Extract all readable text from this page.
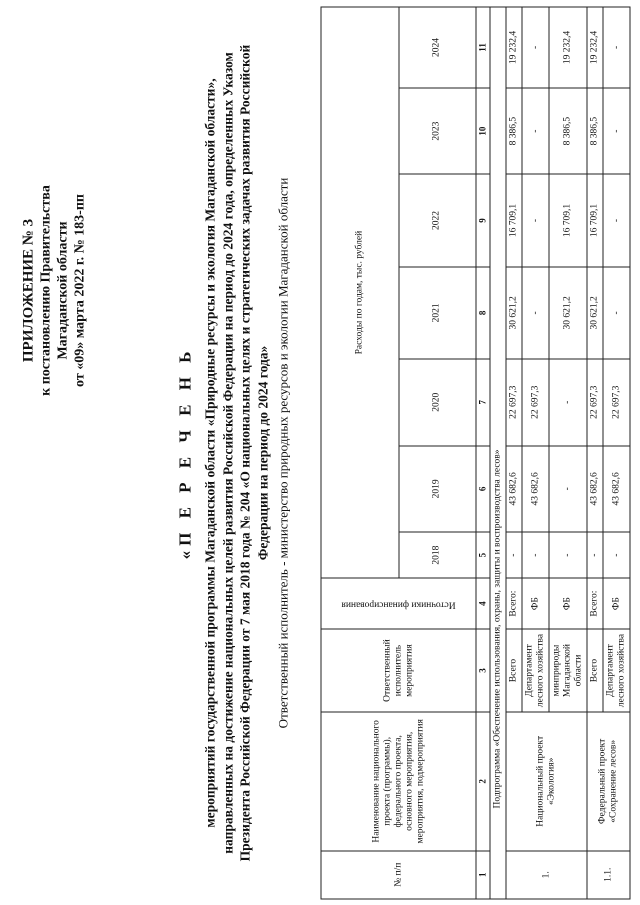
ПРИЛОЖЕНИЕ № 3 к постановлению Правительства Магаданской области от «09» марта 2022 г. № 183-пп
«П Е Р Е Ч Е Н Ь мероприятий государственной программы Магаданской области «Природные ресурсы и экология Магаданской области», направленных на достижение национальных целей развития Российской Федерации на период до 2024 года, определенных Указом Президента Российской Федерации от 7 мая 2018 года № 204 «О национальных целях и стратегических задачах развития Российской Федерации на период до 2024 года» Ответственный исполнитель - министерство природных ресурсов и экологии Магаданской области
№ п/п	Наименование национального проекта (программы), федерального проекта, основного мероприятия, мероприятия, подмероприятия	Ответственный исполнитель мероприятия	Источники финансирования	Расходы по годам, тыс. рублей						
				2018	2019	2020	2021	2022	2023	2024
1	2	3	4	5	6	7	8	9	10	11
Подпрограмма «Обеспечение использования, охраны, защиты и воспроизводства лесов»										
1.	Национальный проект «Экология»	Всего	Всего:	-	43 682,6	22 697,3	30 621,2	16 709,1	8 386,5	19 232,4
		Департамент лесного хозяйства	ФБ	-	43 682,6	22 697,3	-	-	-	-
		минприроды Магаданской области	ФБ	-	-	-	30 621,2	16 709,1	8 386,5	19 232,4
1.1.	Федеральный проект «Сохранение лесов»	Всего	Всего:	-	43 682,6	22 697,3	30 621,2	16 709,1	8 386,5	19 232,4
		Департамент лесного хозяйства	ФБ	-	43 682,6	22 697,3	-	-	-	-
